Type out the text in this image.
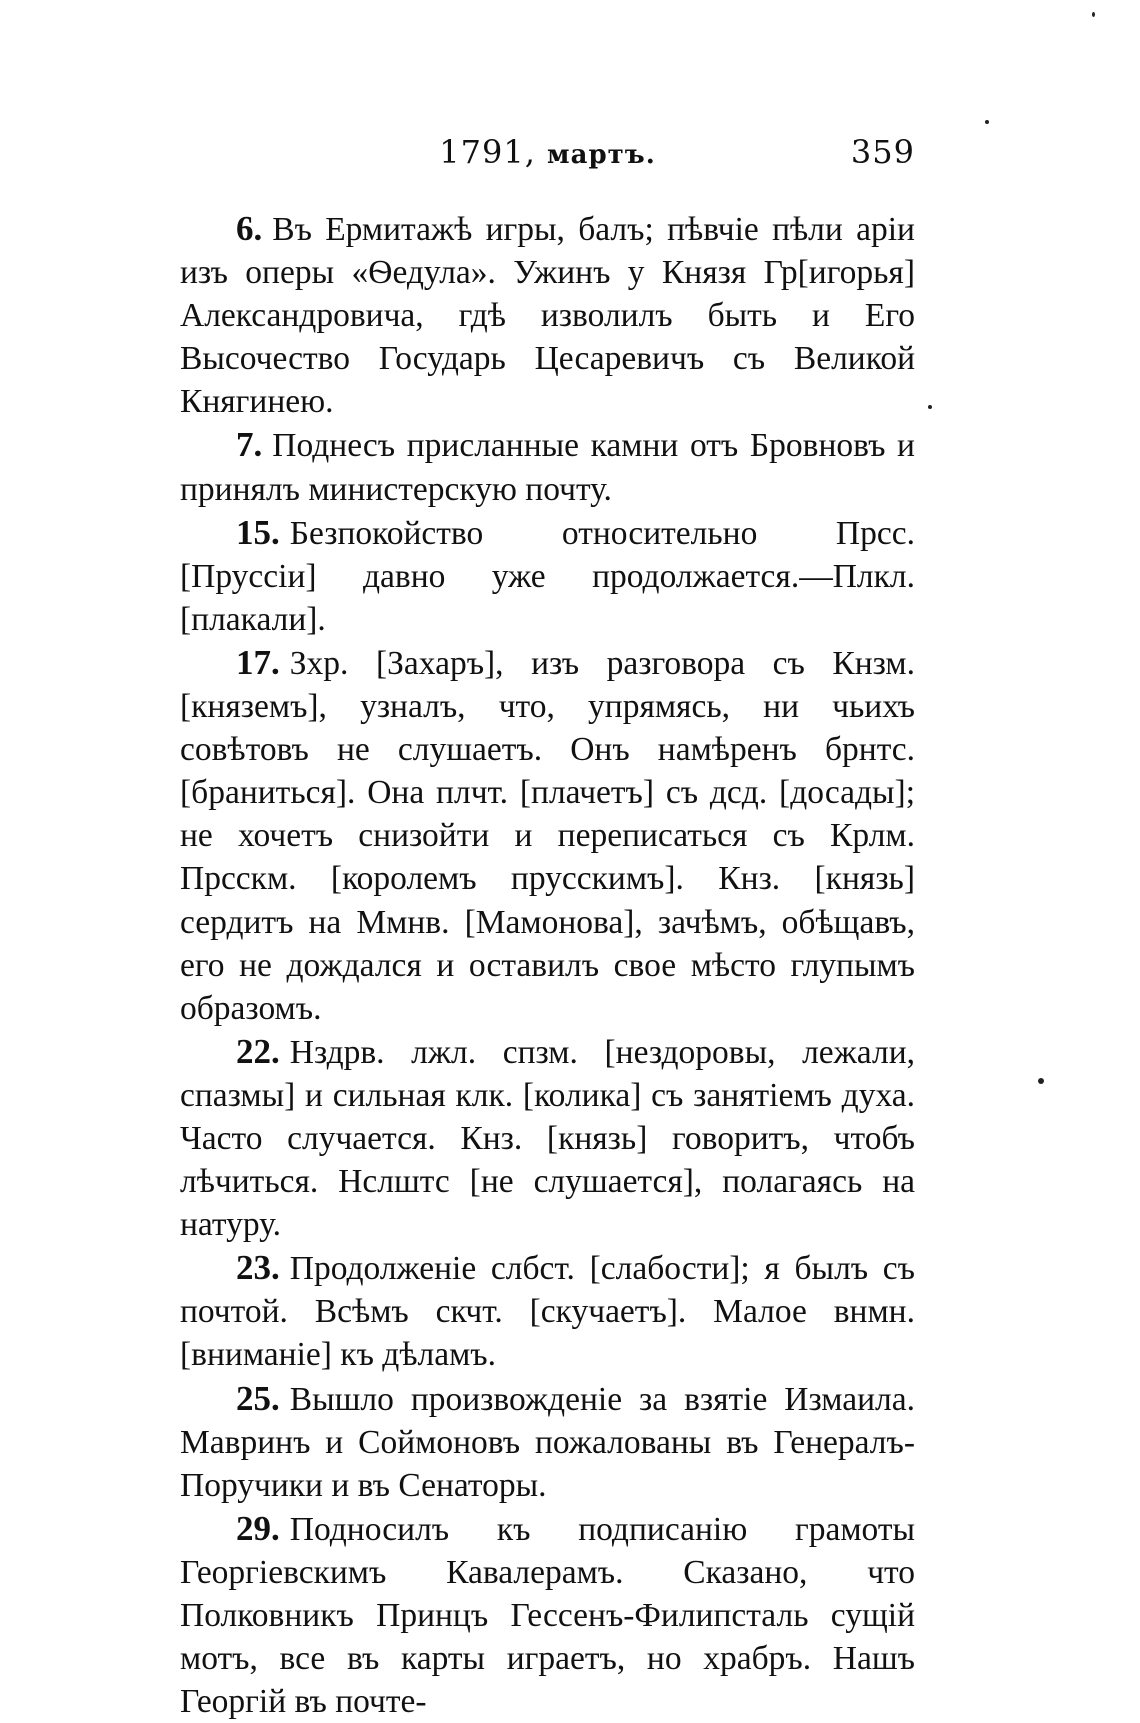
1791, мартъ.	359

6. Въ Ермитажѣ игры, балъ; пѣвчіе пѣли аріи изъ оперы «Ѳедула». Ужинъ у Князя Гр[игорья] Александровича, гдѣ изволилъ быть и Его Высочество Государь Цесаревичъ съ Великой Княгинею.

7. Поднесъ присланные камни отъ Бровновъ и принялъ министерскую почту.

15. Безпокойство относительно Прсс. [Пруссіи] давно уже продолжается.—Плкл. [плакали].

17. Зхр. [Захаръ], изъ разговора съ Кнзм. [княземъ], узналъ, что, упрямясь, ни чьихъ совѣтовъ не слушаетъ. Онъ намѣренъ брнтс. [браниться]. Она плчт. [плачетъ] съ дсд. [досады]; не хочетъ снизойти и переписаться съ Крлм. Прсскм. [королемъ прусскимъ]. Кнз. [князь] сердитъ на Ммнв. [Мамонова], зачѣмъ, обѣщавъ, его не дождался и оставилъ свое мѣсто глупымъ образомъ.

22. Нздрв. лжл. спзм. [нездоровы, лежали, спазмы] и сильная клк. [колика] съ занятіемъ духа. Часто случается. Кнз. [князь] говоритъ, чтобъ лѣчиться. Нслштс [не слушается], полагаясь на натуру.

23. Продолженіе слбст. [слабости]; я былъ съ почтой. Всѣмъ скчт. [скучаетъ]. Малое внмн. [вниманіе] къ дѣламъ.

25. Вышло произвожденіе за взятіе Измаила. Мавринъ и Соймоновъ пожалованы въ Генералъ-Поручики и въ Сенаторы.

29. Подносилъ къ подписанію грамоты Георгіевскимъ Кавалерамъ. Сказано, что Полковникъ Принцъ Гессенъ-Филипсталь сущій мотъ, все въ карты играетъ, но храбръ. Нашъ Георгій въ почте-
